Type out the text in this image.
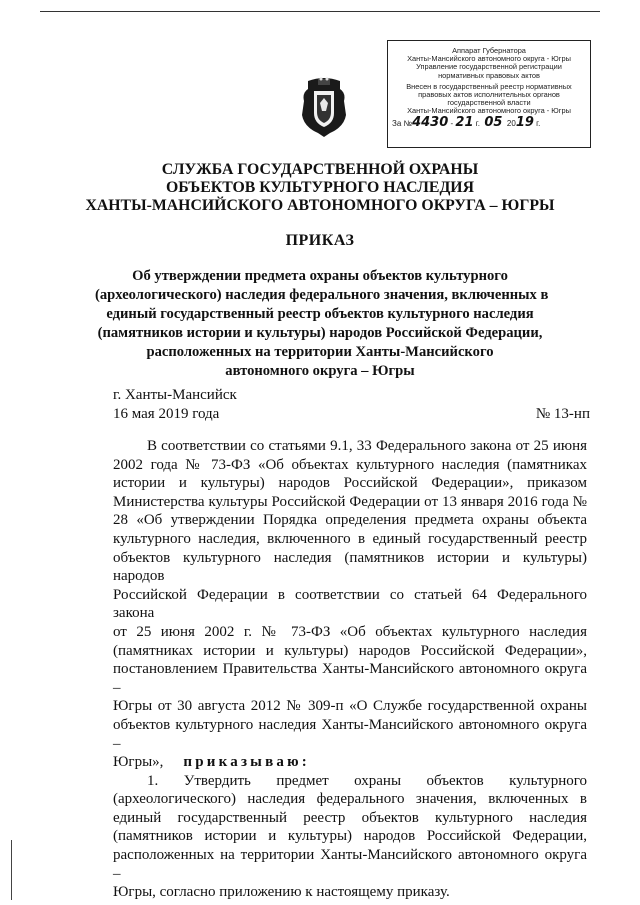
Аппарат Губернатора
Ханты-Мансийского автономного округа - Югры
Управление государственной регистрации
нормативных правовых актов
Внесен в государственный реестр нормативных
правовых актов исполнительных органов
государственной власти
Ханты-Мансийского автономного округа - Югры
За №4430 - 21 г. 05 2019 г.
СЛУЖБА ГОСУДАРСТВЕННОЙ ОХРАНЫ
ОБЪЕКТОВ КУЛЬТУРНОГО НАСЛЕДИЯ
ХАНТЫ-МАНСИЙСКОГО АВТОНОМНОГО ОКРУГА – ЮГРЫ
ПРИКАЗ
Об утверждении предмета охраны объектов культурного
(археологического) наследия федерального значения, включенных в
единый государственный реестр объектов культурного наследия
(памятников истории и культуры) народов Российской Федерации,
расположенных на территории Ханты-Мансийского
автономного округа – Югры
г. Ханты-Мансийск
16 мая 2019 года	№ 13-нп

В соответствии со статьями 9.1, 33 Федерального закона от 25 июня

2002 года № 73-ФЗ «Об объектах культурного наследия (памятниках

истории и культуры) народов Российской Федерации», приказом

Министерства культуры Российской Федерации от 13 января 2016 года №

28 «Об утверждении Порядка определения предмета охраны объекта

культурного наследия, включенного в единый государственный реестр

объектов культурного наследия (памятников истории и культуры) народов

Российской Федерации в соответствии со статьей 64 Федерального закона

от 25 июня 2002 г. № 73-ФЗ «Об объектах культурного наследия

(памятниках истории и культуры) народов Российской Федерации»,

постановлением Правительства Ханты-Мансийского автономного округа –

Югры от 30 августа 2012 № 309-п «О Службе государственной охраны

объектов культурного наследия Ханты-Мансийского автономного округа –

Югры», приказываю:

1. Утвердить предмет охраны объектов культурного

(археологического) наследия федерального значения, включенных в

единый государственный реестр объектов культурного наследия

(памятников истории и культуры) народов Российской Федерации,

расположенных на территории Ханты-Мансийского автономного округа –

Югры, согласно приложению к настоящему приказу.
